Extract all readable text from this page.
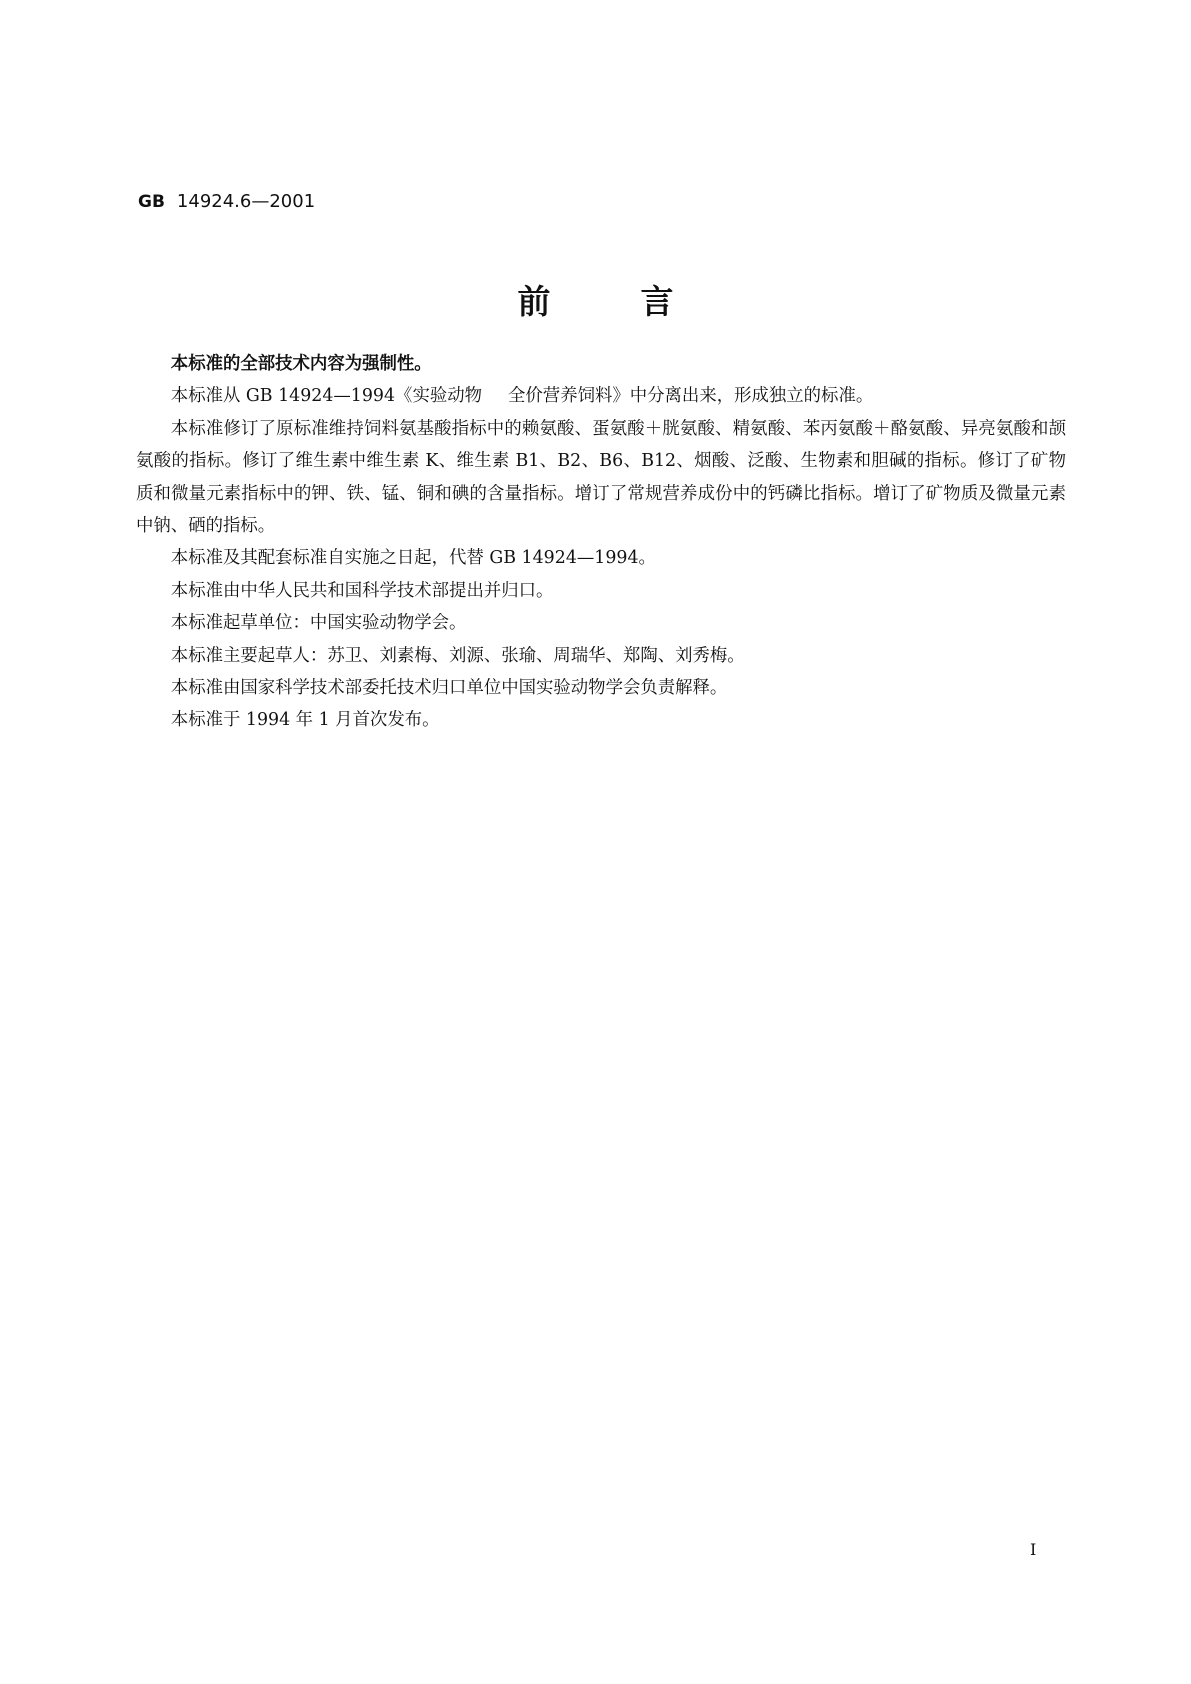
GB 14924.6—2001
前	言

本标准的全部技术内容为强制性。

本标准从 GB 14924—1994《实验动物 全价营养饲料》中分离出来，形成独立的标准。

本标准修订了原标准维持饲料氨基酸指标中的赖氨酸、蛋氨酸＋胱氨酸、精氨酸、苯丙氨酸＋酪氨酸、异亮氨酸和颉氨酸的指标。修订了维生素中维生素 K、维生素 B1、B2、B6、B12、烟酸、泛酸、生物素和胆碱的指标。修订了矿物质和微量元素指标中的钾、铁、锰、铜和碘的含量指标。增订了常规营养成份中的钙磷比指标。增订了矿物质及微量元素中钠、硒的指标。

本标准及其配套标准自实施之日起，代替 GB 14924—1994。

本标准由中华人民共和国科学技术部提出并归口。

本标准起草单位：中国实验动物学会。

本标准主要起草人：苏卫、刘素梅、刘源、张瑜、周瑞华、郑陶、刘秀梅。

本标准由国家科学技术部委托技术归口单位中国实验动物学会负责解释。

本标准于 1994 年 1 月首次发布。

I
